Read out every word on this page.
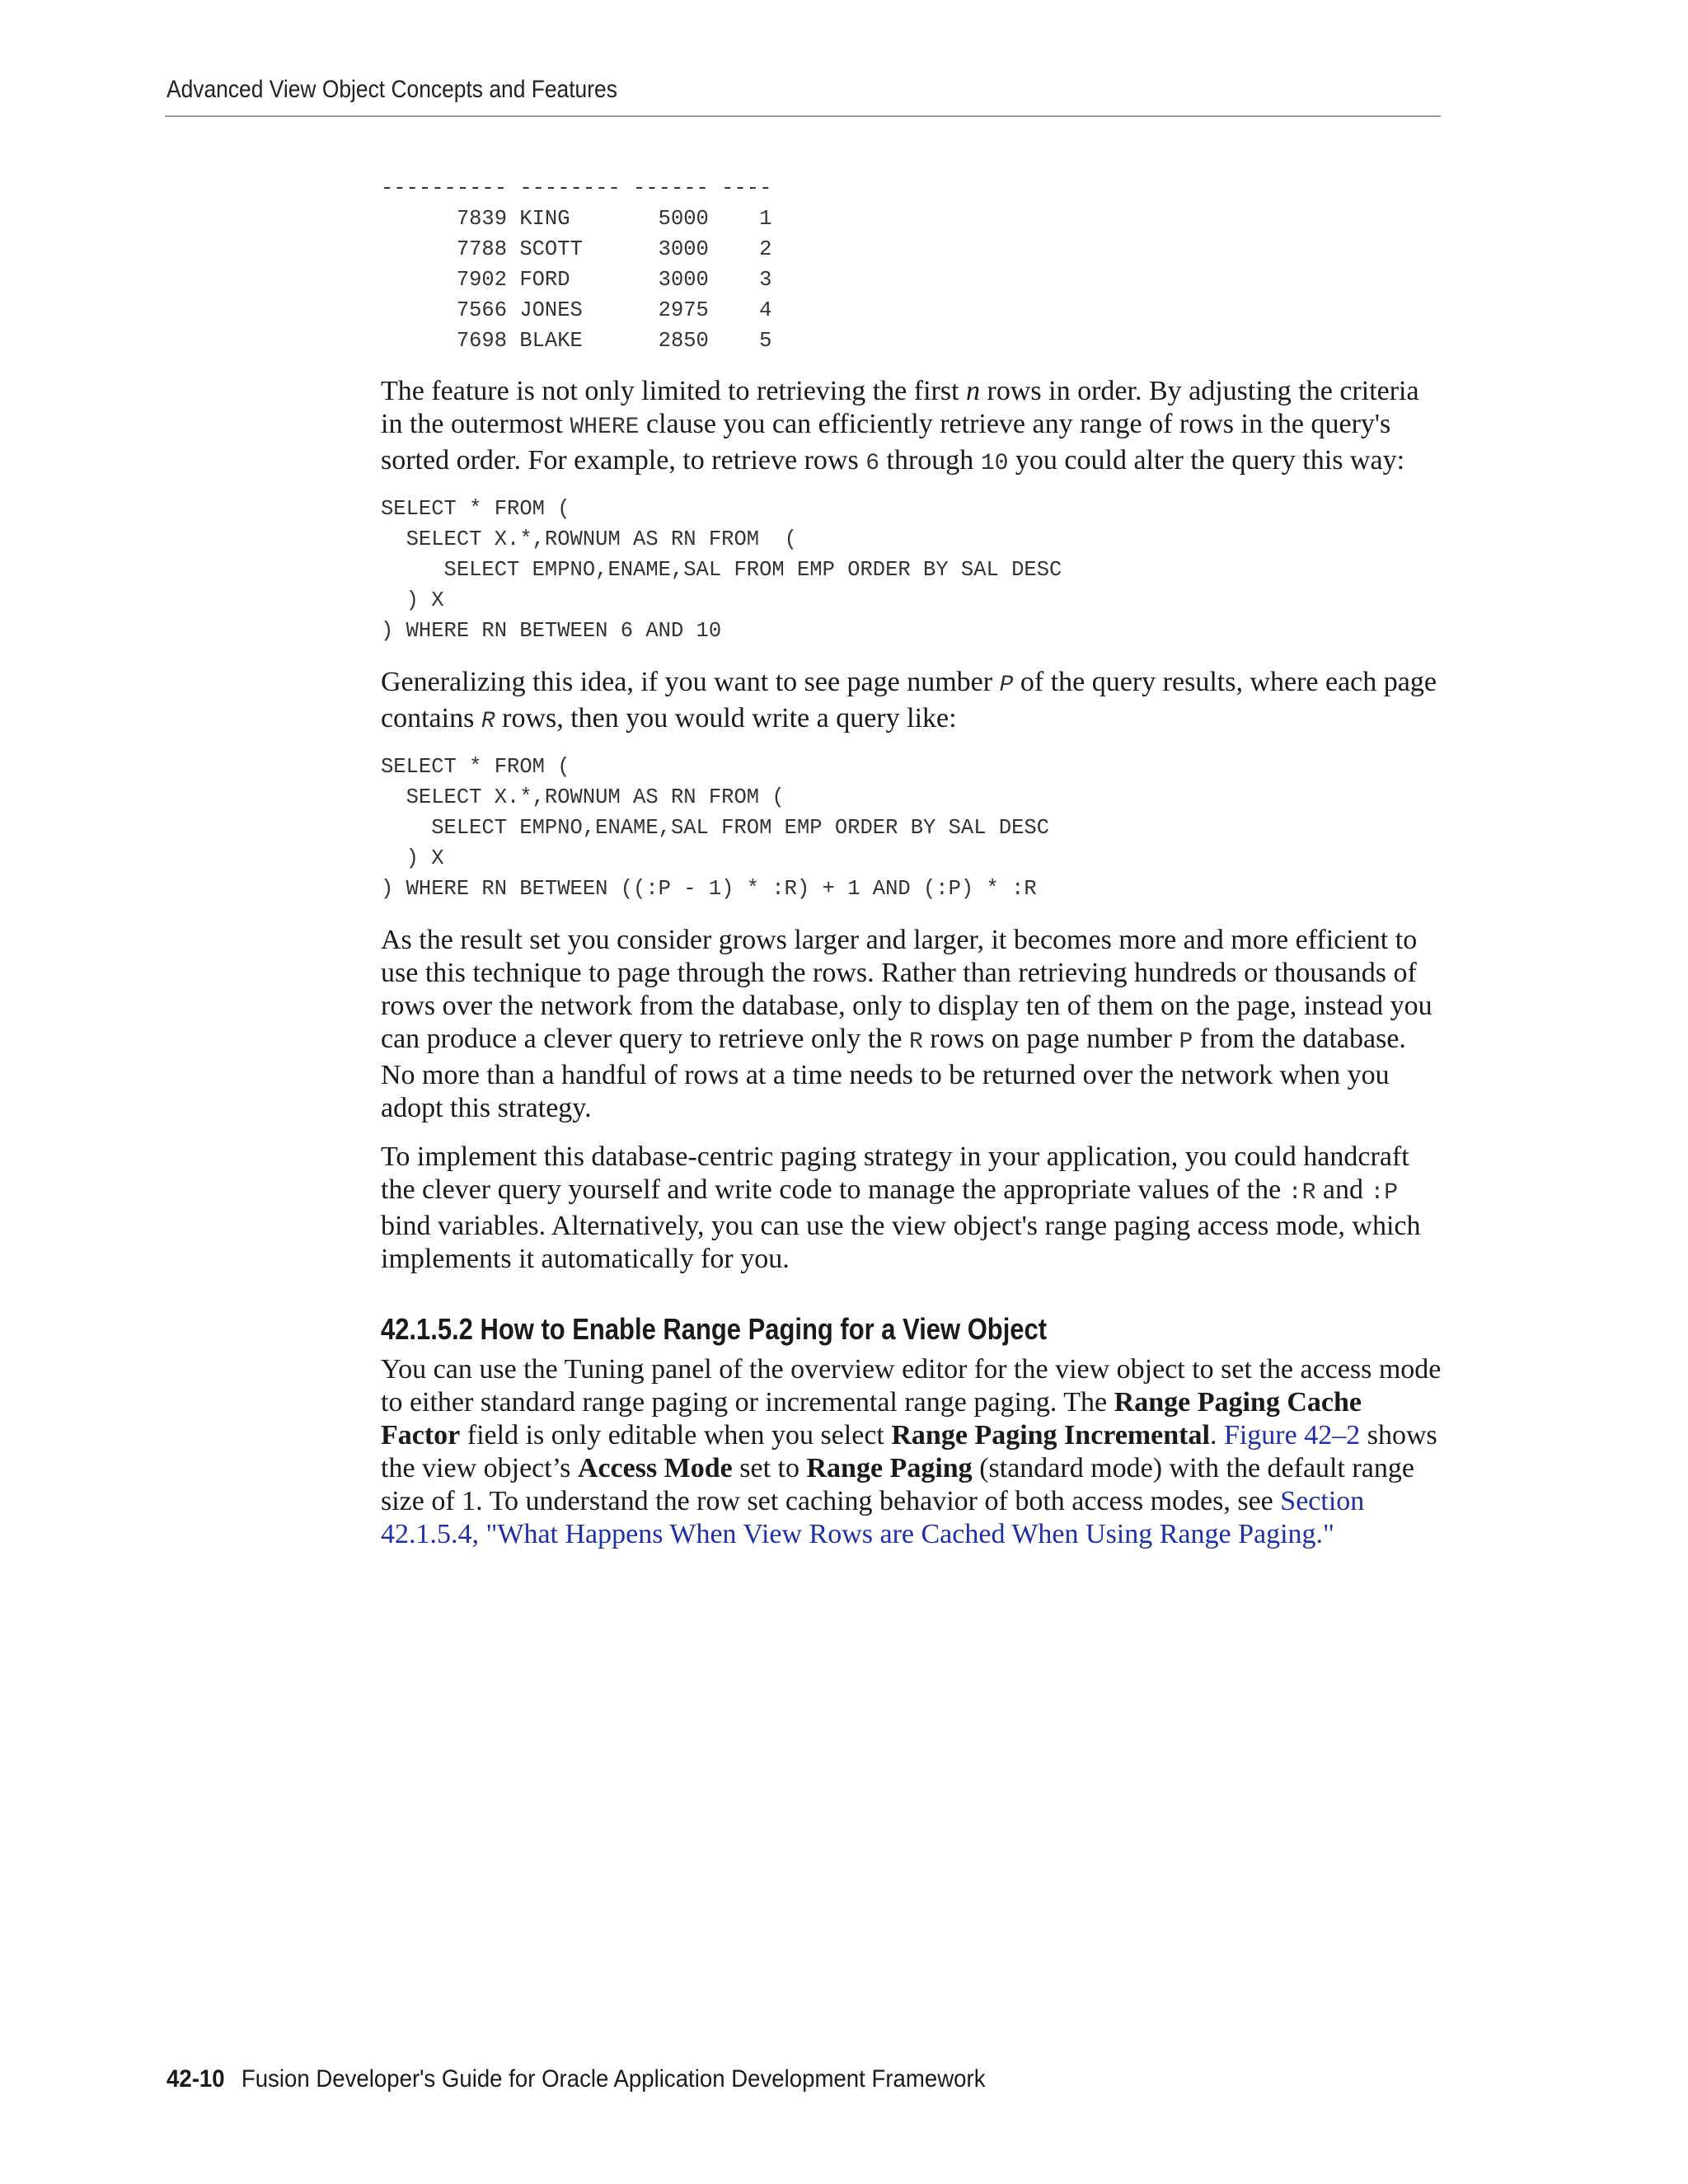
Advanced View Object Concepts and Features
---------- -------- ------ ----
7839 KING       5000    1
7788 SCOTT      3000    2
7902 FORD       3000    3
7566 JONES      2975    4
7698 BLAKE      2850    5

The feature is not only limited to retrieving the first n rows in order. By adjusting the criteria in the outermost WHERE clause you can efficiently retrieve any range of rows in the query's sorted order. For example, to retrieve rows 6 through 10 you could alter the query this way:

SELECT * FROM (
SELECT X.*,ROWNUM AS RN FROM  (
SELECT EMPNO,ENAME,SAL FROM EMP ORDER BY SAL DESC
) X
) WHERE RN BETWEEN 6 AND 10

Generalizing this idea, if you want to see page number P of the query results, where each page contains R rows, then you would write a query like:

SELECT * FROM (
SELECT X.*,ROWNUM AS RN FROM (
SELECT EMPNO,ENAME,SAL FROM EMP ORDER BY SAL DESC
) X
) WHERE RN BETWEEN ((:P - 1) * :R) + 1 AND (:P) * :R

As the result set you consider grows larger and larger, it becomes more and more efficient to use this technique to page through the rows. Rather than retrieving hundreds or thousands of rows over the network from the database, only to display ten of them on the page, instead you can produce a clever query to retrieve only the R rows on page number P from the database. No more than a handful of rows at a time needs to be returned over the network when you adopt this strategy.

To implement this database-centric paging strategy in your application, you could handcraft the clever query yourself and write code to manage the appropriate values of the :R and :P bind variables. Alternatively, you can use the view object's range paging access mode, which implements it automatically for you.

42.1.5.2 How to Enable Range Paging for a View Object

You can use the Tuning panel of the overview editor for the view object to set the access mode to either standard range paging or incremental range paging. The Range Paging Cache Factor field is only editable when you select Range Paging Incremental. Figure 42–2 shows the view object’s Access Mode set to Range Paging (standard mode) with the default range size of 1. To understand the row set caching behavior of both access modes, see Section 42.1.5.4, "What Happens When View Rows are Cached When Using Range Paging."

42-10 Fusion Developer's Guide for Oracle Application Development Framework
